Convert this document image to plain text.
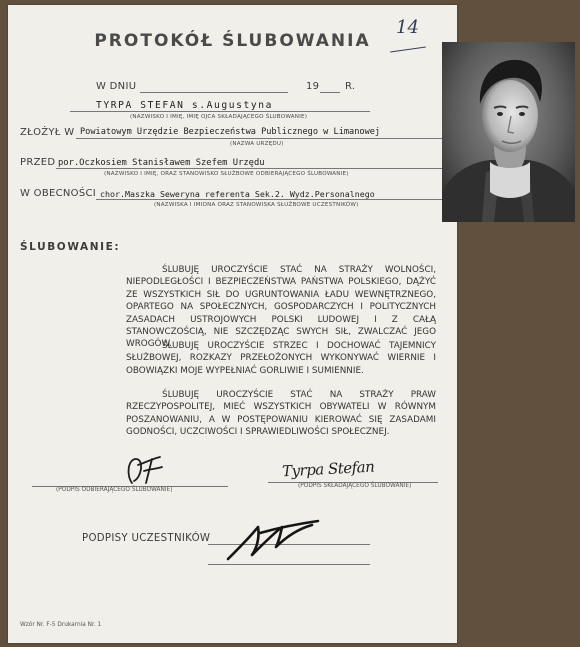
PROTOKÓŁ ŚLUBOWANIA
14
W DNIU	19	R.
TYRPA STEFAN s.Augustyna
(NAZWISKO I IMIĘ, IMIĘ OJCA SKŁADAJĄCEGO ŚLUBOWANIE)
ZŁOŻYŁ W Powiatowym Urzędzie Bezpieczeństwa Publicznego w Limanowej
(NAZWA URZĘDU)
PRZED por.Oczkosiem Stanisławem Szefem Urzędu
(NAZWISKO I IMIĘ, ORAZ STANOWISKO SŁUŻBOWE ODBIERAJĄCEGO ŚLUBOWANIE)
W OBECNOŚCI chor.Maszka Seweryna referenta Sek.2. Wydz.Personalnego
(NAZWISKA I IMIONA ORAZ STANOWISKA SŁUŻBOWE UCZESTNIKÓW)
ŚLUBOWANIE:
ŚLUBUJĘ UROCZYŚCIE STAĆ NA STRAŻY WOLNOŚCI, NIEPODLEGŁOŚCI I BEZPIECZEŃSTWA PAŃSTWA POLSKIEGO, DĄŻYĆ ZE WSZYSTKICH SIŁ DO UGRUNTOWANIA ŁADU WEWNĘTRZNEGO, OPARTEGO NA SPOŁECZNYCH, GOSPODARCZYCH I POLITYCZNYCH ZASADACH USTROJOWYCH POLSKI LUDOWEJ I Z CAŁĄ STANOWCZOŚCIĄ, NIE SZCZĘDZĄC SWYCH SIŁ, ZWALCZAĆ JEGO WROGÓW.
ŚLUBUJĘ UROCZYŚCIE STRZEC I DOCHOWAĆ TAJEMNICY SŁUŻBOWEJ, ROZKAZY PRZEŁOŻONYCH WYKONYWAĆ WIERNIE I OBOWIĄZKI MOJE WYPEŁNIAĆ GORLIWIE I SUMIENNIE.
ŚLUBUJĘ UROCZYŚCIE STAĆ NA STRAŻY PRAW RZECZYPOSPOLITEJ, MIEĆ WSZYSTKICH OBYWATELI W RÓWNYM POSZANOWANIU, A W POSTĘPOWANIU KIEROWAĆ SIĘ ZASADAMI GODNOŚCI, UCZCIWOŚCI I SPRAWIEDLIWOŚCI SPOŁECZNEJ.
(PODPIS ODBIERAJĄCEGO ŚLUBOWANIE)
Tyrpa Stefan
(PODPIS SKŁADAJĄCEGO ŚLUBOWANIE)
PODPISY UCZESTNIKÓW
Wzór Nr. F-5 Drukarnia Nr. 1
